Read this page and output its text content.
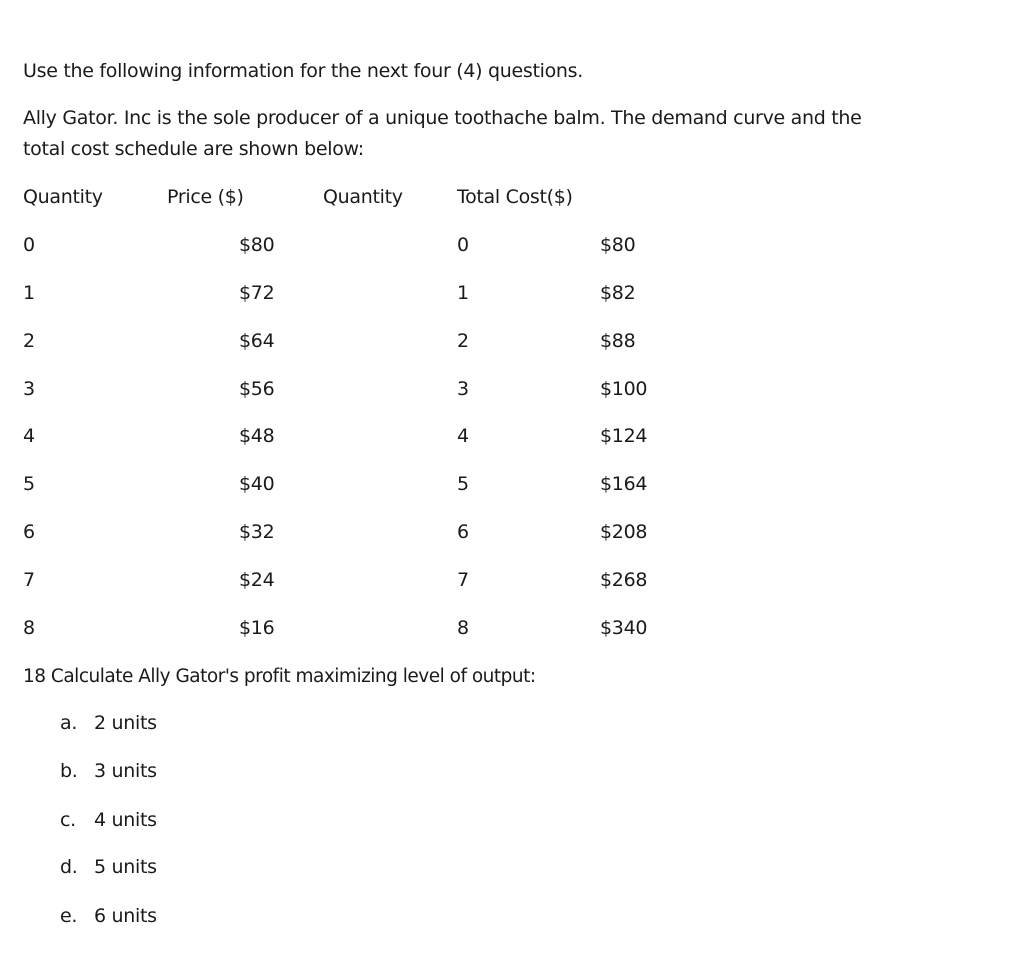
Use the following information for the next four (4) questions.
Ally Gator. Inc is the sole producer of a unique toothache balm. The demand curve and the
total cost schedule are shown below:
Quantity	Price ($)	Quantity	Total Cost($)
0	$80	0	$80
1	$72	1	$82
2	$64	2	$88
3	$56	3	$100
4	$48	4	$124
5	$40	5	$164
6	$32	6	$208
7	$24	7	$268
8	$16	8	$340
18 Calculate Ally Gator's profit maximizing level of output:
a. 2 units
b. 3 units
c. 4 units
d. 5 units
e. 6 units
